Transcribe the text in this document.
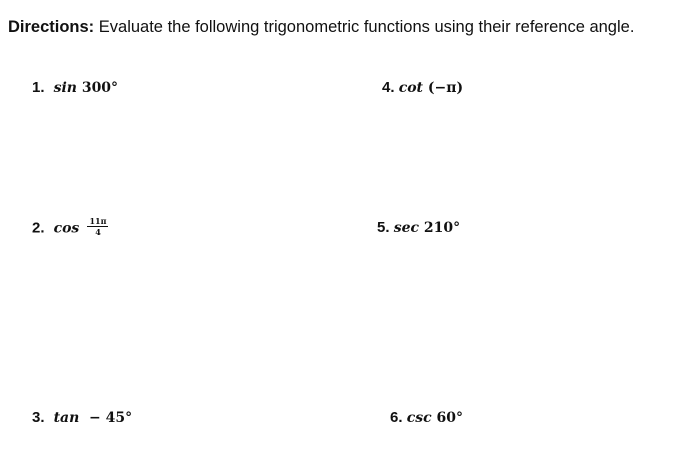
Directions: Evaluate the following trigonometric functions using their reference angle.
1. sin 300°
2. $\cos \frac{11\pi}{4}$
3. tan − 45°
4. cot (−π)
5. sec 210°
6. csc 60°
